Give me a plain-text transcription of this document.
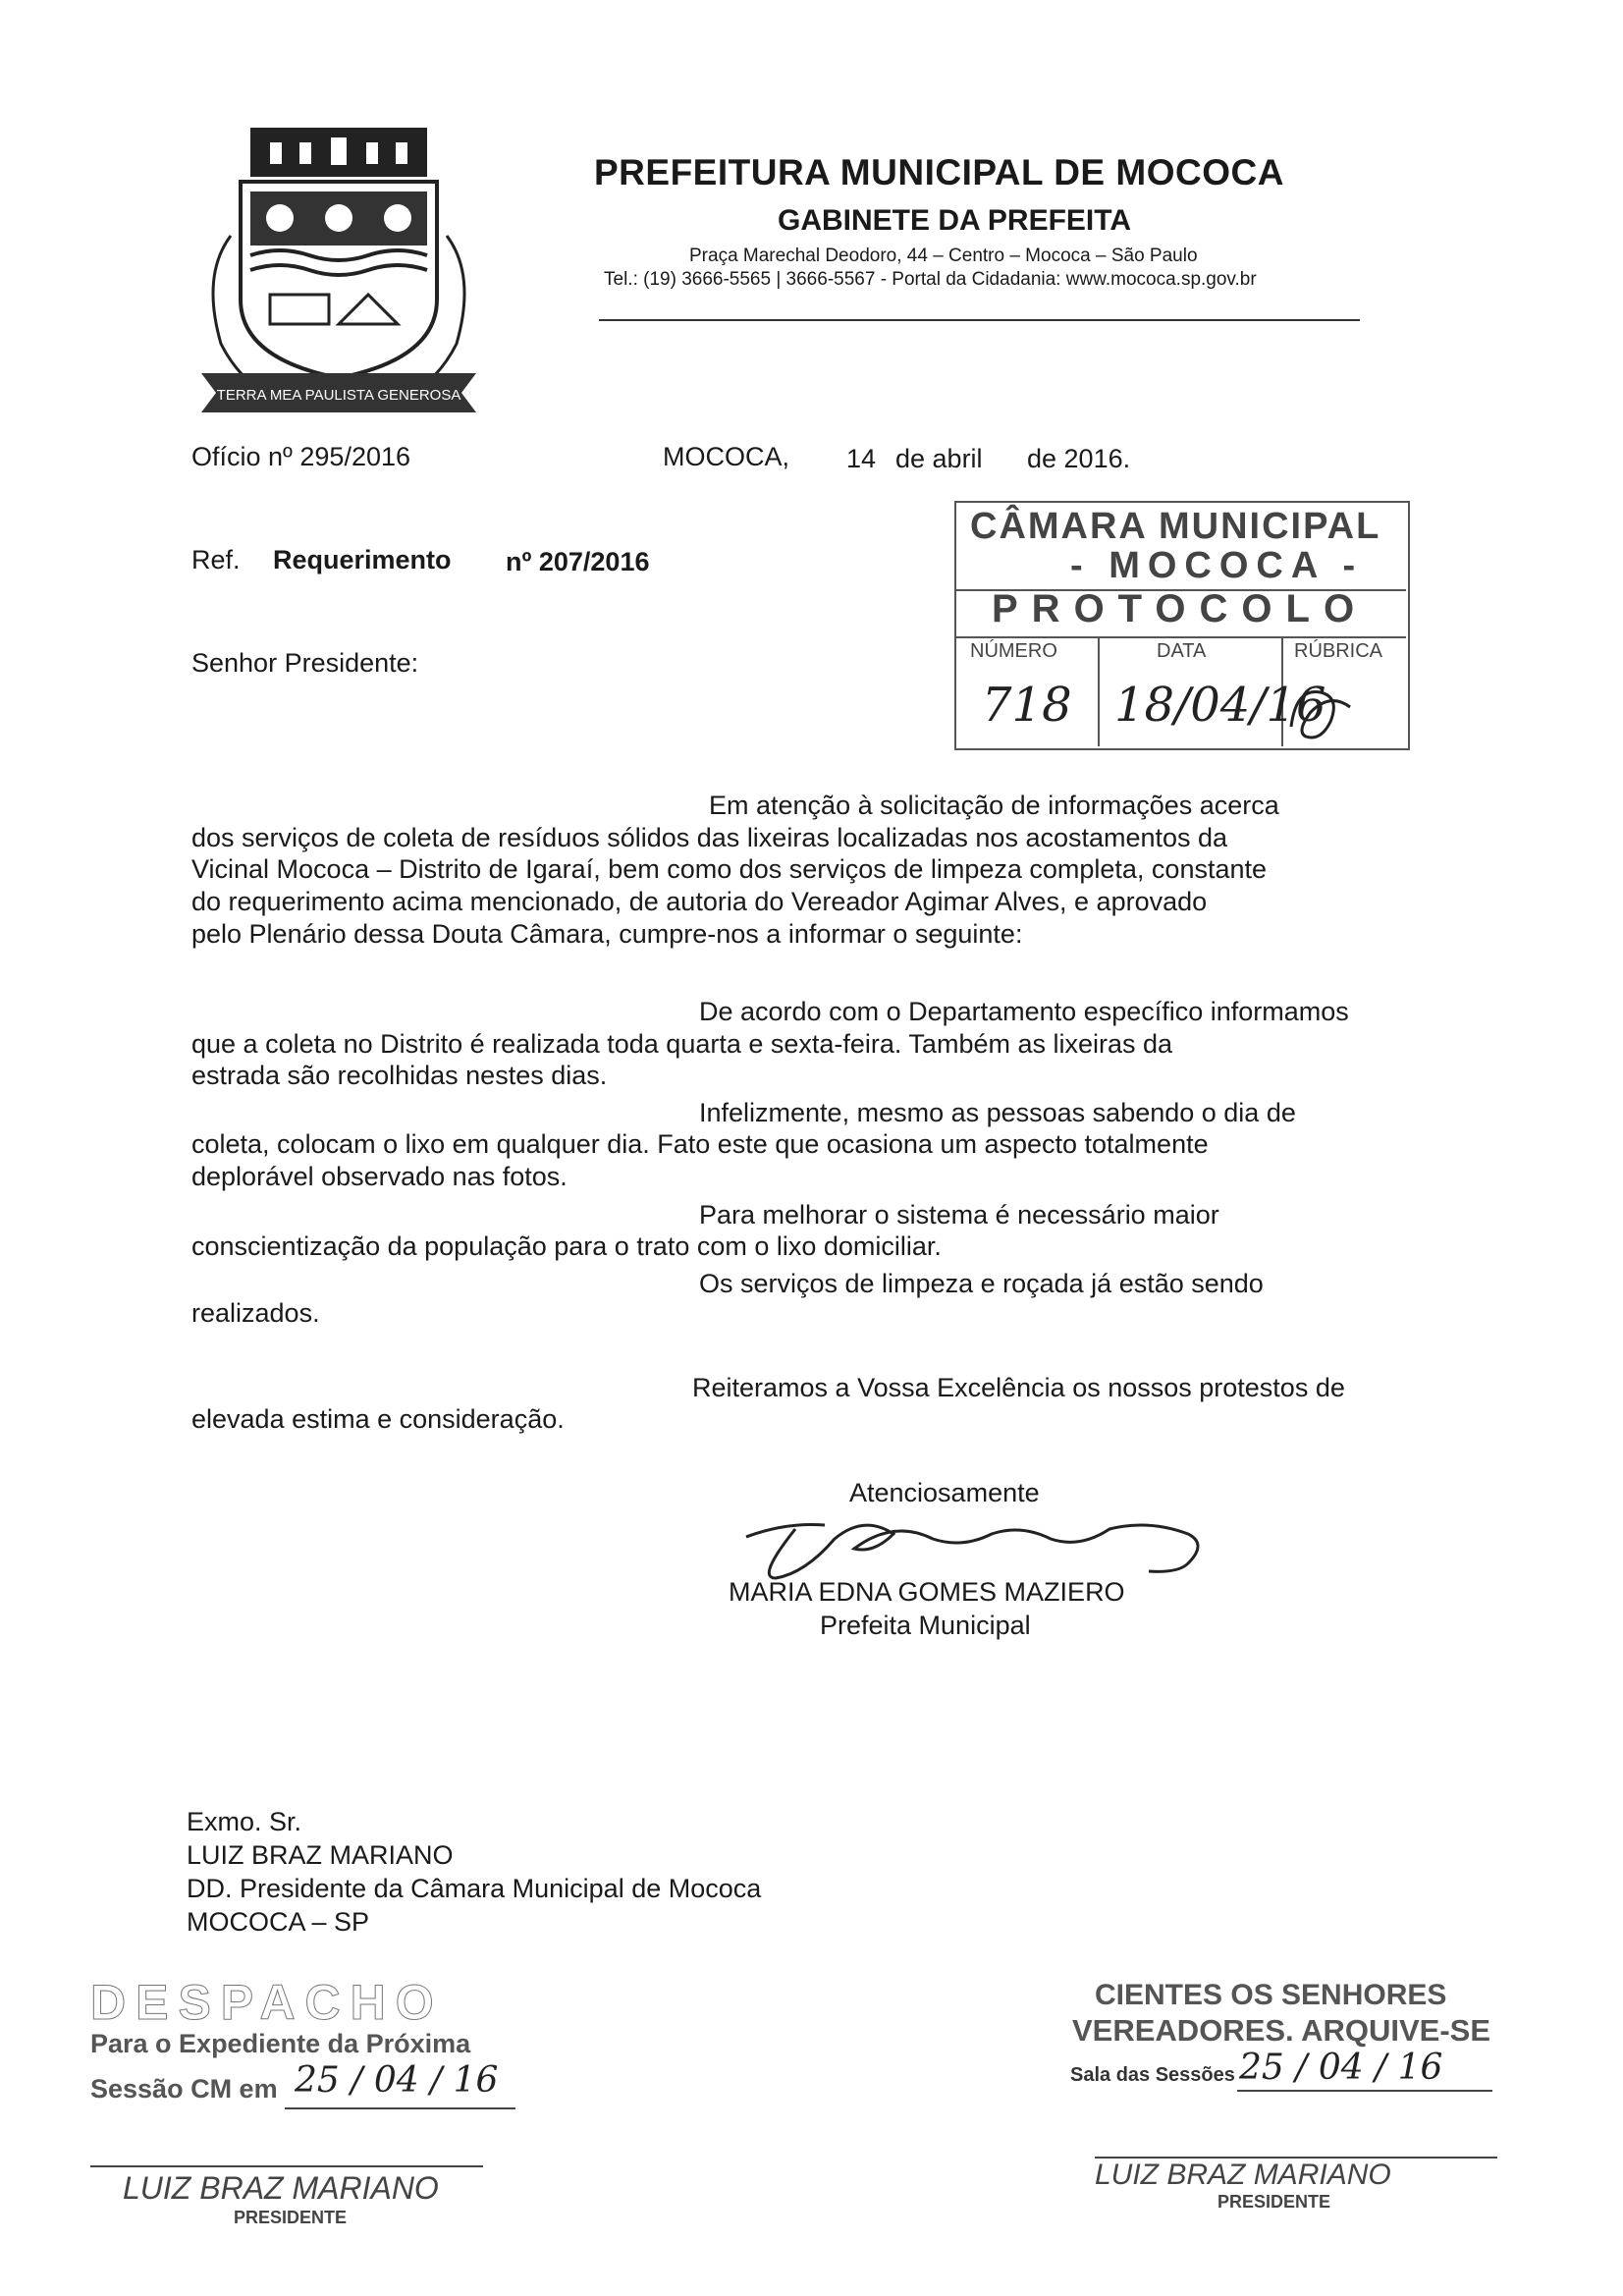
TERRA MEA PAULISTA GENEROSA
PREFEITURA MUNICIPAL DE MOCOCA
GABINETE DA PREFEITA
Praça Marechal Deodoro, 44 – Centro – Mococa – São Paulo
Tel.: (19) 3666-5565 | 3666-5567 - Portal da Cidadania: www.mococa.sp.gov.br
Ofício nº 295/2016	MOCOCA, 14 de abril de 2016.
Ref. Requerimento nº 207/2016
Senhor Presidente:
CÂMARA MUNICIPAL
- MOCOCA -
PROTOCOLO
NÚMERO	DATA	RÚBRICA
718 18/04/16
Em atenção à solicitação de informações acerca
dos serviços de coleta de resíduos sólidos das lixeiras localizadas nos acostamentos da
Vicinal Mococa – Distrito de Igaraí, bem como dos serviços de limpeza completa, constante
do requerimento acima mencionado, de autoria do Vereador Agimar Alves, e aprovado
pelo Plenário dessa Douta Câmara, cumpre-nos a informar o seguinte:
De acordo com o Departamento específico informamos
que a coleta no Distrito é realizada toda quarta e sexta-feira. Também as lixeiras da
estrada são recolhidas nestes dias.
Infelizmente, mesmo as pessoas sabendo o dia de
coleta, colocam o lixo em qualquer dia. Fato este que ocasiona um aspecto totalmente
deplorável observado nas fotos.
Para melhorar o sistema é necessário maior
conscientização da população para o trato com o lixo domiciliar.
Os serviços de limpeza e roçada já estão sendo
realizados.
Reiteramos a Vossa Excelência os nossos protestos de
elevada estima e consideração.
Atenciosamente
MARIA EDNA GOMES MAZIERO
Prefeita Municipal
Exmo. Sr.
LUIZ BRAZ MARIANO
DD. Presidente da Câmara Municipal de Mococa
MOCOCA – SP
DESPACHO
Para o Expediente da Próxima
Sessão CM em 25 / 04 / 16
LUIZ BRAZ MARIANO
PRESIDENTE
CIENTES OS SENHORES
VEREADORES. ARQUIVE-SE
Sala das Sessões 25 / 04 / 16
LUIZ BRAZ MARIANO
PRESIDENTE
